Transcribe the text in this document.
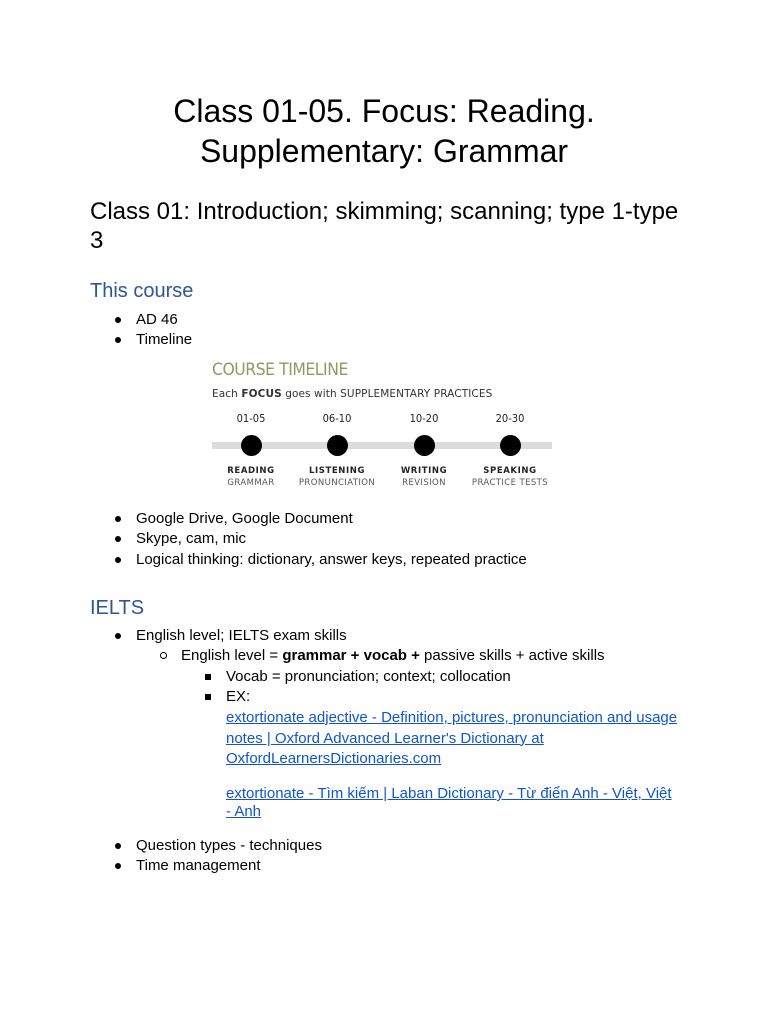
Class 01-05. Focus: Reading.
Supplementary: Grammar
Class 01: Introduction; skimming; scanning; type 1-type 3
This course
AD 46
Timeline
COURSE TIMELINE
Each FOCUS goes with SUPPLEMENTARY PRACTICES
01-05
READING
GRAMMAR
06-10
LISTENING
PRONUNCIATION
10-20
WRITING
REVISION
20-30
SPEAKING
PRACTICE TESTS
Google Drive, Google Document
Skype, cam, mic
Logical thinking: dictionary, answer keys, repeated practice
IELTS
English level; IELTS exam skills
English level = grammar + vocab + passive skills + active skills
Vocab = pronunciation; context; collocation
EX:
extortionate adjective - Definition, pictures, pronunciation and usage notes | Oxford Advanced Learner's Dictionary at OxfordLearnersDictionaries.com
extortionate - Tìm kiếm | Laban Dictionary - Từ điển Anh - Việt, Việt - Anh
Question types - techniques
Time management
